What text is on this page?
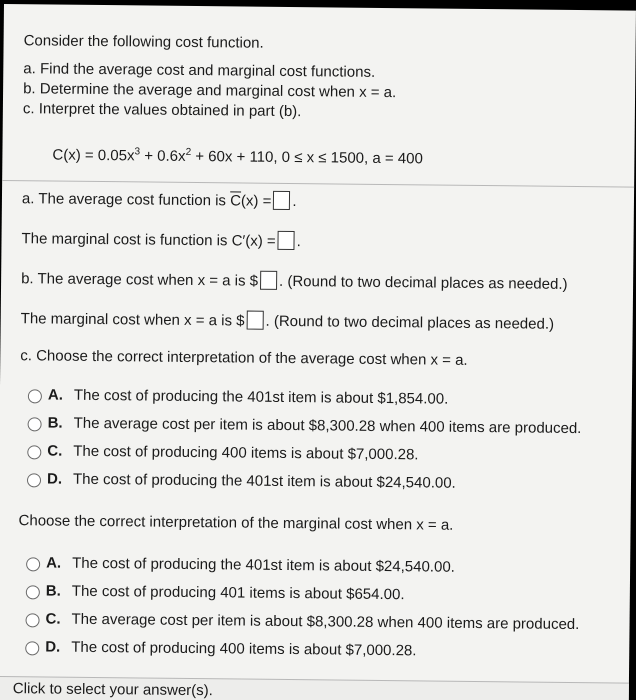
Consider the following cost function.
a. Find the average cost and marginal cost functions.
b. Determine the average and marginal cost when x = a.
c. Interpret the values obtained in part (b).
$C(x) = 0.05x^3 + 0.6x^2 + 60x + 110$, 0 ≤ x ≤ 1500, a = 400
a. The average cost function is $\overline{C}(x)$ = .
The marginal cost is function is C′(x) = .
b. The average cost when x = a is $ . (Round to two decimal places as needed.)
The marginal cost when x = a is $ . (Round to two decimal places as needed.)
c. Choose the correct interpretation of the average cost when x = a.
A. The cost of producing the 401st item is about $1,854.00.
B. The average cost per item is about $8,300.28 when 400 items are produced.
C. The cost of producing 400 items is about $7,000.28.
D. The cost of producing the 401st item is about $24,540.00.
Choose the correct interpretation of the marginal cost when x = a.
A. The cost of producing the 401st item is about $24,540.00.
B. The cost of producing 401 items is about $654.00.
C. The average cost per item is about $8,300.28 when 400 items are produced.
D. The cost of producing 400 items is about $7,000.28.
Click to select your answer(s).
